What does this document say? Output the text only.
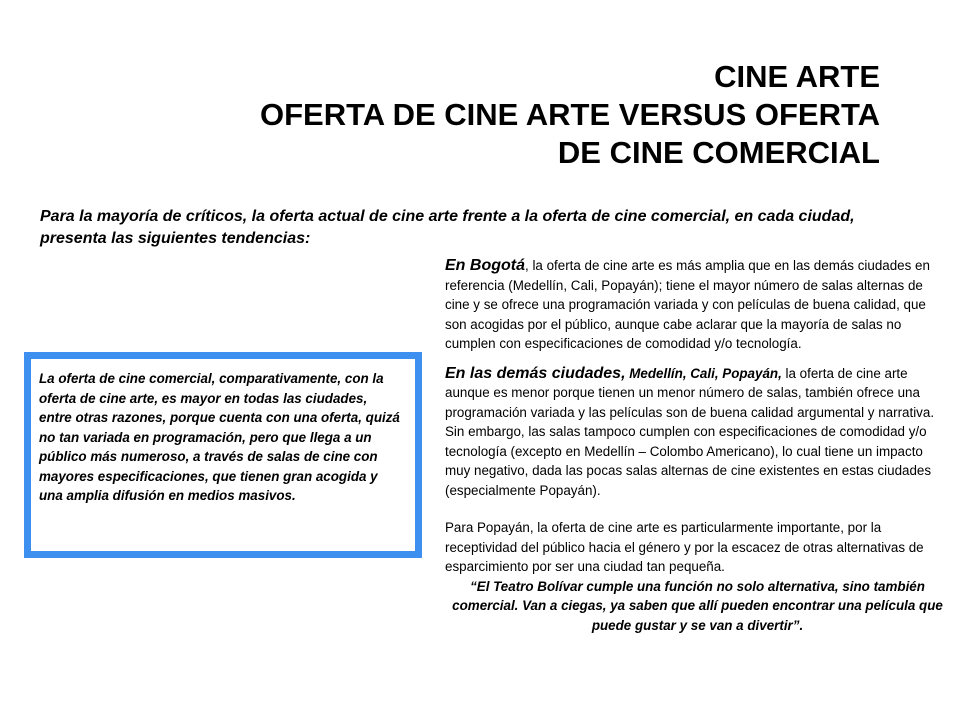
CINE ARTE
OFERTA DE CINE ARTE VERSUS OFERTA
DE CINE COMERCIAL

Para la mayoría de críticos, la oferta actual de cine arte frente a la oferta de cine comercial, en cada ciudad, presenta las siguientes tendencias:

La oferta de cine comercial, comparativamente, con la oferta de cine arte, es mayor en todas las ciudades, entre otras razones, porque cuenta con una oferta, quizá no tan variada en programación, pero que llega a un público más numeroso, a través de salas de cine con mayores especificaciones, que tienen gran acogida y una amplia difusión en medios masivos.

En Bogotá, la oferta de cine arte es más amplia que en las demás ciudades en referencia (Medellín, Cali, Popayán); tiene el mayor número de salas alternas de cine y se ofrece una programación variada y con películas de buena calidad, que son acogidas por el público, aunque cabe aclarar que la mayoría de salas no cumplen con especificaciones de comodidad y/o tecnología.

En las demás ciudades, Medellín, Cali, Popayán, la oferta de cine arte aunque es menor porque tienen un menor número de salas, también ofrece una programación variada y las películas son de buena calidad argumental y narrativa. Sin embargo, las salas tampoco cumplen con especificaciones de comodidad y/o tecnología (excepto en Medellín – Colombo Americano), lo cual tiene un impacto muy negativo, dada las pocas salas alternas de cine existentes en estas ciudades (especialmente Popayán).

Para Popayán, la oferta de cine arte es particularmente importante, por la receptividad del público hacia el género y por la escacez de otras alternativas de esparcimiento por ser una ciudad tan pequeña.

“El Teatro Bolívar cumple una función no solo alternativa, sino también comercial. Van a ciegas, ya saben que allí pueden encontrar una película que puede gustar y se van a divertir”.
